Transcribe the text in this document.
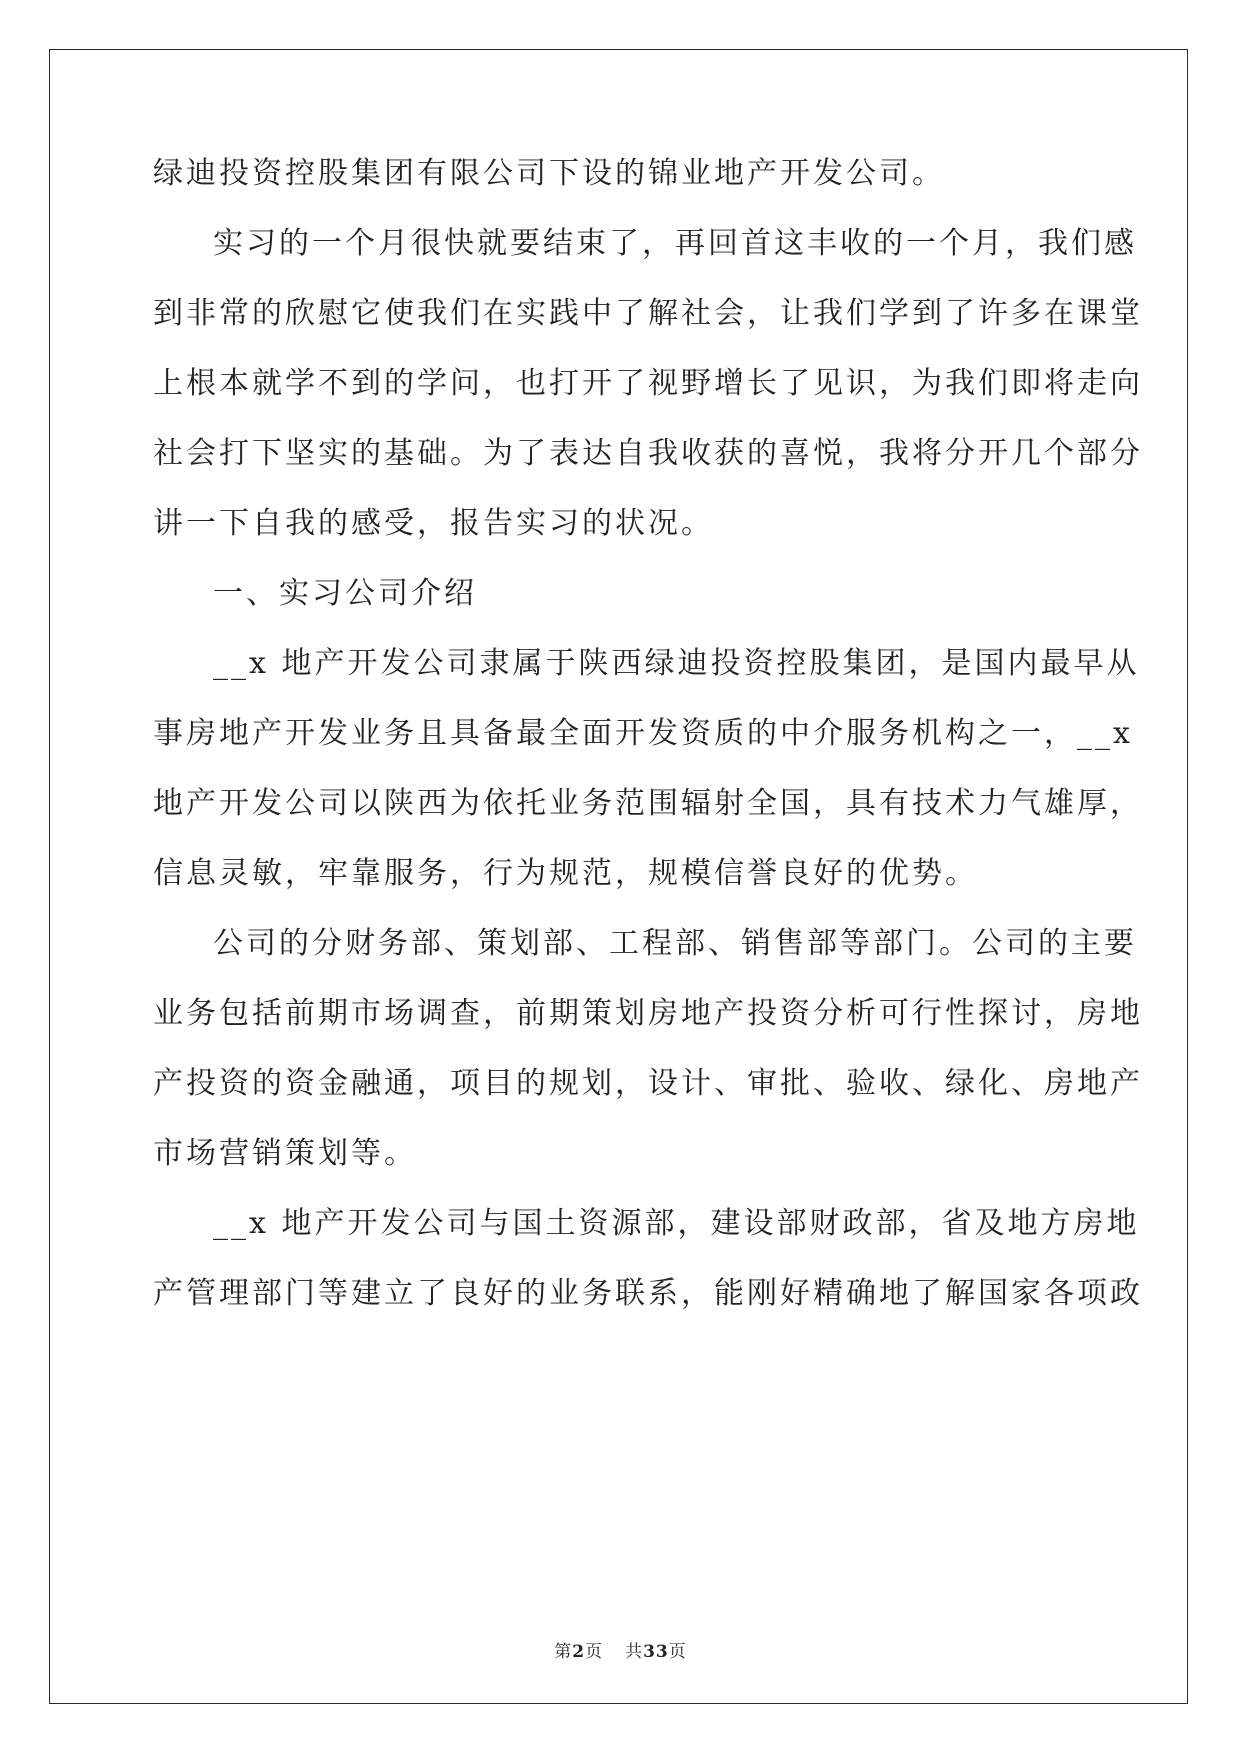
绿迪投资控股集团有限公司下设的锦业地产开发公司。
实习的一个月很快就要结束了，再回首这丰收的一个月，我们感
到非常的欣慰它使我们在实践中了解社会，让我们学到了许多在课堂
上根本就学不到的学问，也打开了视野增长了见识，为我们即将走向
社会打下坚实的基础。为了表达自我收获的喜悦，我将分开几个部分
讲一下自我的感受，报告实习的状况。
一、实习公司介绍
__x 地产开发公司隶属于陕西绿迪投资控股集团，是国内最早从
事房地产开发业务且具备最全面开发资质的中介服务机构之一，__x
地产开发公司以陕西为依托业务范围辐射全国，具有技术力气雄厚，
信息灵敏，牢靠服务，行为规范，规模信誉良好的优势。
公司的分财务部、策划部、工程部、销售部等部门。公司的主要
业务包括前期市场调查，前期策划房地产投资分析可行性探讨，房地
产投资的资金融通，项目的规划，设计、审批、验收、绿化、房地产
市场营销策划等。
__x 地产开发公司与国土资源部，建设部财政部，省及地方房地
产管理部门等建立了良好的业务联系，能刚好精确地了解国家各项政
第2页 共33页
